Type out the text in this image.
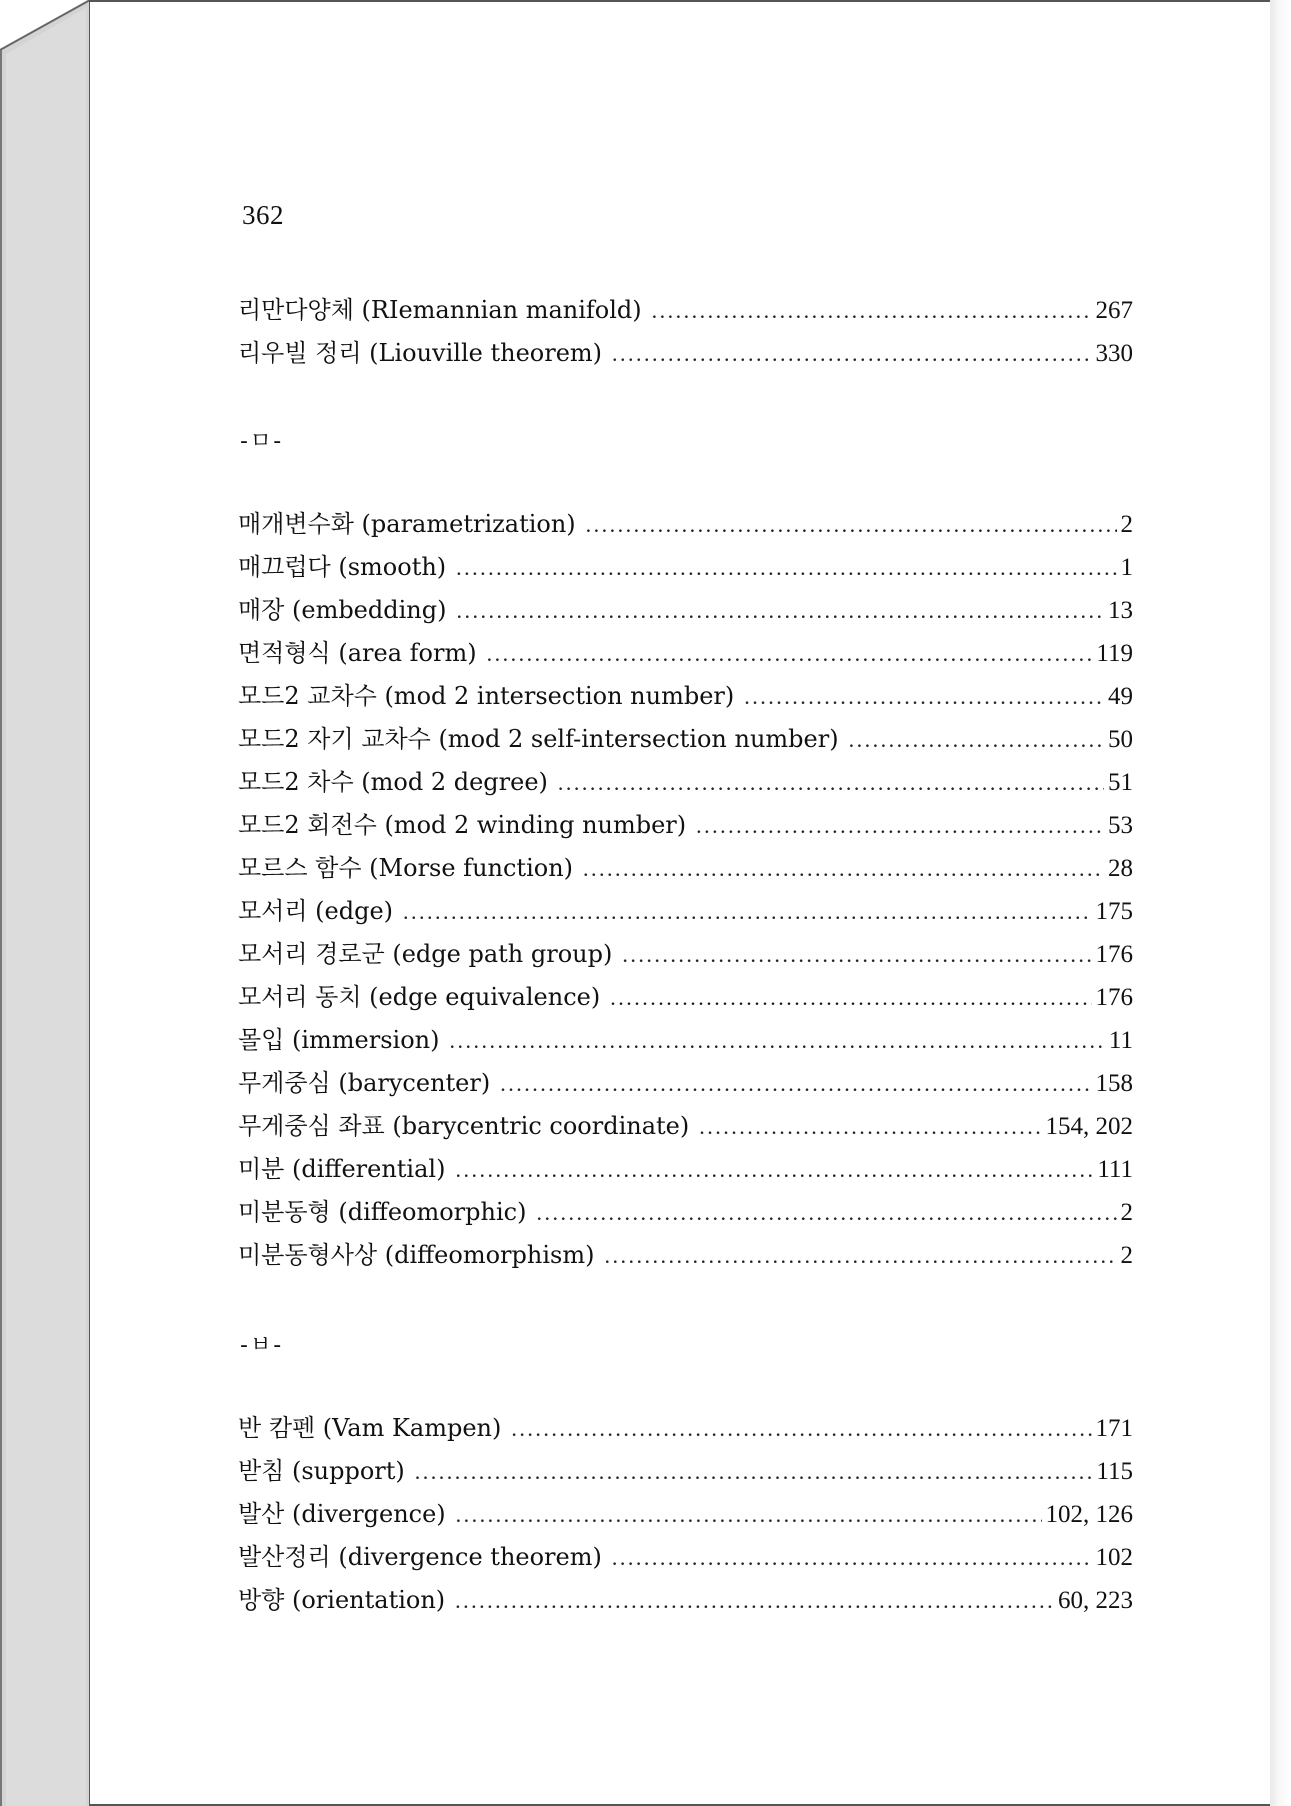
362
리만다양체 (RIemannian manifold) . . .	267
리우빌 정리 (Liouville theorem) . . .	330
-ㅁ-
매개변수화 (parametrization) . . .	2
매끄럽다 (smooth) . . .	1
매장 (embedding) . . .	13
면적형식 (area form) . . .	119
모드2 교차수 (mod 2 intersection number) . . .	49
모드2 자기 교차수 (mod 2 self-intersection number) . . .	50
모드2 차수 (mod 2 degree) . . .	51
모드2 회전수 (mod 2 winding number) . . .	53
모르스 함수 (Morse function) . . .	28
모서리 (edge) . . .	175
모서리 경로군 (edge path group) . . .	176
모서리 동치 (edge equivalence) . . .	176
몰입 (immersion) . . .	11
무게중심 (barycenter) . . .	158
무게중심 좌표 (barycentric coordinate) . . .	154, 202
미분 (differential) . . .	111
미분동형 (diffeomorphic) . . .	2
미분동형사상 (diffeomorphism) . . .	2
-ㅂ-
반 캄펜 (Vam Kampen) . . .	171
받침 (support) . . .	115
발산 (divergence) . . .	102, 126
발산정리 (divergence theorem) . . .	102
방향 (orientation) . . .	60, 223
